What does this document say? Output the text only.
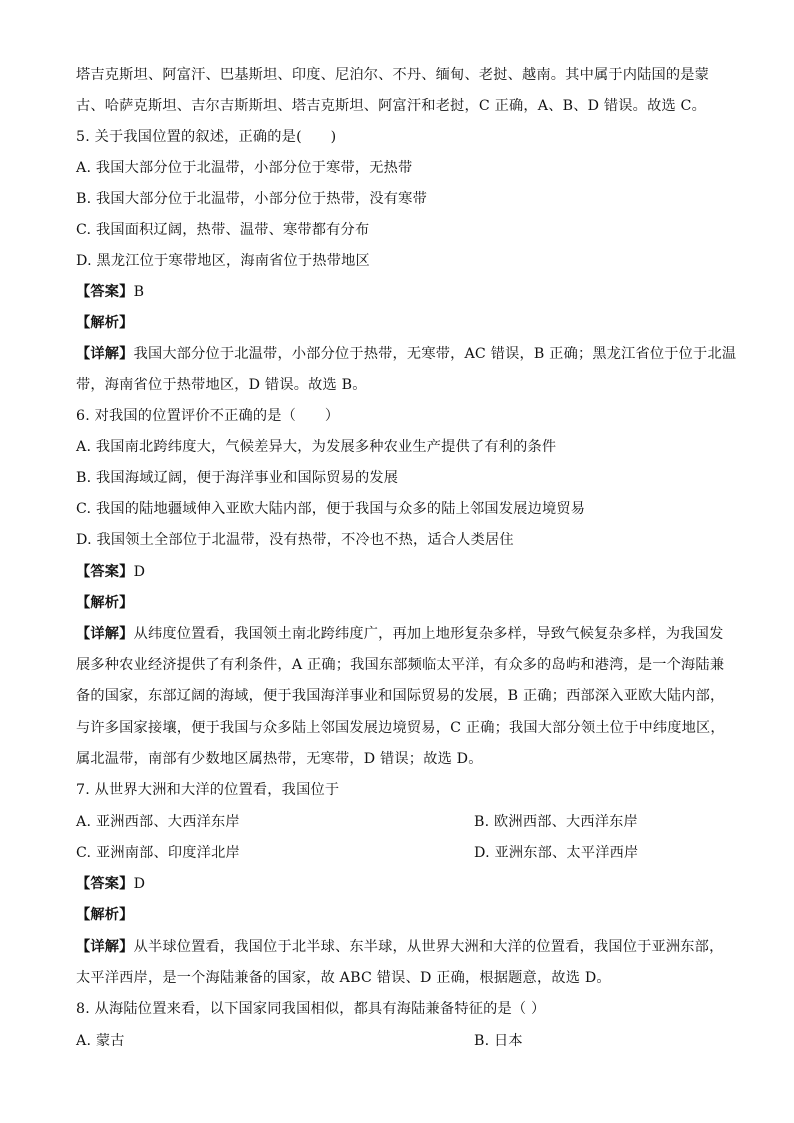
塔吉克斯坦、阿富汗、巴基斯坦、印度、尼泊尔、不丹、缅甸、老挝、越南。其中属于内陆国的是蒙
古、哈萨克斯坦、吉尔吉斯斯坦、塔吉克斯坦、阿富汗和老挝，C 正确，A、B、D 错误。故选 C。
5. 关于我国位置的叙述，正确的是(　　)
A. 我国大部分位于北温带，小部分位于寒带，无热带
B. 我国大部分位于北温带，小部分位于热带，没有寒带
C. 我国面积辽阔，热带、温带、寒带都有分布
D. 黑龙江位于寒带地区，海南省位于热带地区
【答案】B
【解析】
【详解】我国大部分位于北温带，小部分位于热带，无寒带，AC 错误，B 正确；黑龙江省位于位于北温
带，海南省位于热带地区，D 错误。故选 B。
6. 对我国的位置评价不正确的是（　　）
A. 我国南北跨纬度大，气候差异大，为发展多种农业生产提供了有利的条件
B. 我国海域辽阔，便于海洋事业和国际贸易的发展
C. 我国的陆地疆域伸入亚欧大陆内部，便于我国与众多的陆上邻国发展边境贸易
D. 我国领土全部位于北温带，没有热带，不冷也不热，适合人类居住
【答案】D
【解析】
【详解】从纬度位置看，我国领土南北跨纬度广，再加上地形复杂多样，导致气候复杂多样，为我国发
展多种农业经济提供了有利条件，A 正确；我国东部频临太平洋，有众多的岛屿和港湾，是一个海陆兼
备的国家，东部辽阔的海域，便于我国海洋事业和国际贸易的发展，B 正确；西部深入亚欧大陆内部，
与许多国家接壤，便于我国与众多陆上邻国发展边境贸易，C 正确；我国大部分领土位于中纬度地区，
属北温带，南部有少数地区属热带，无寒带，D 错误；故选 D。
7. 从世界大洲和大洋的位置看，我国位于
A. 亚洲西部、大西洋东岸	B. 欧洲西部、大西洋东岸
C. 亚洲南部、印度洋北岸	D. 亚洲东部、太平洋西岸
【答案】D
【解析】
【详解】从半球位置看，我国位于北半球、东半球，从世界大洲和大洋的位置看，我国位于亚洲东部，
太平洋西岸，是一个海陆兼备的国家，故 ABC 错误、D 正确，根据题意，故选 D。
8. 从海陆位置来看，以下国家同我国相似，都具有海陆兼备特征的是（ ）
A. 蒙古	B. 日本
